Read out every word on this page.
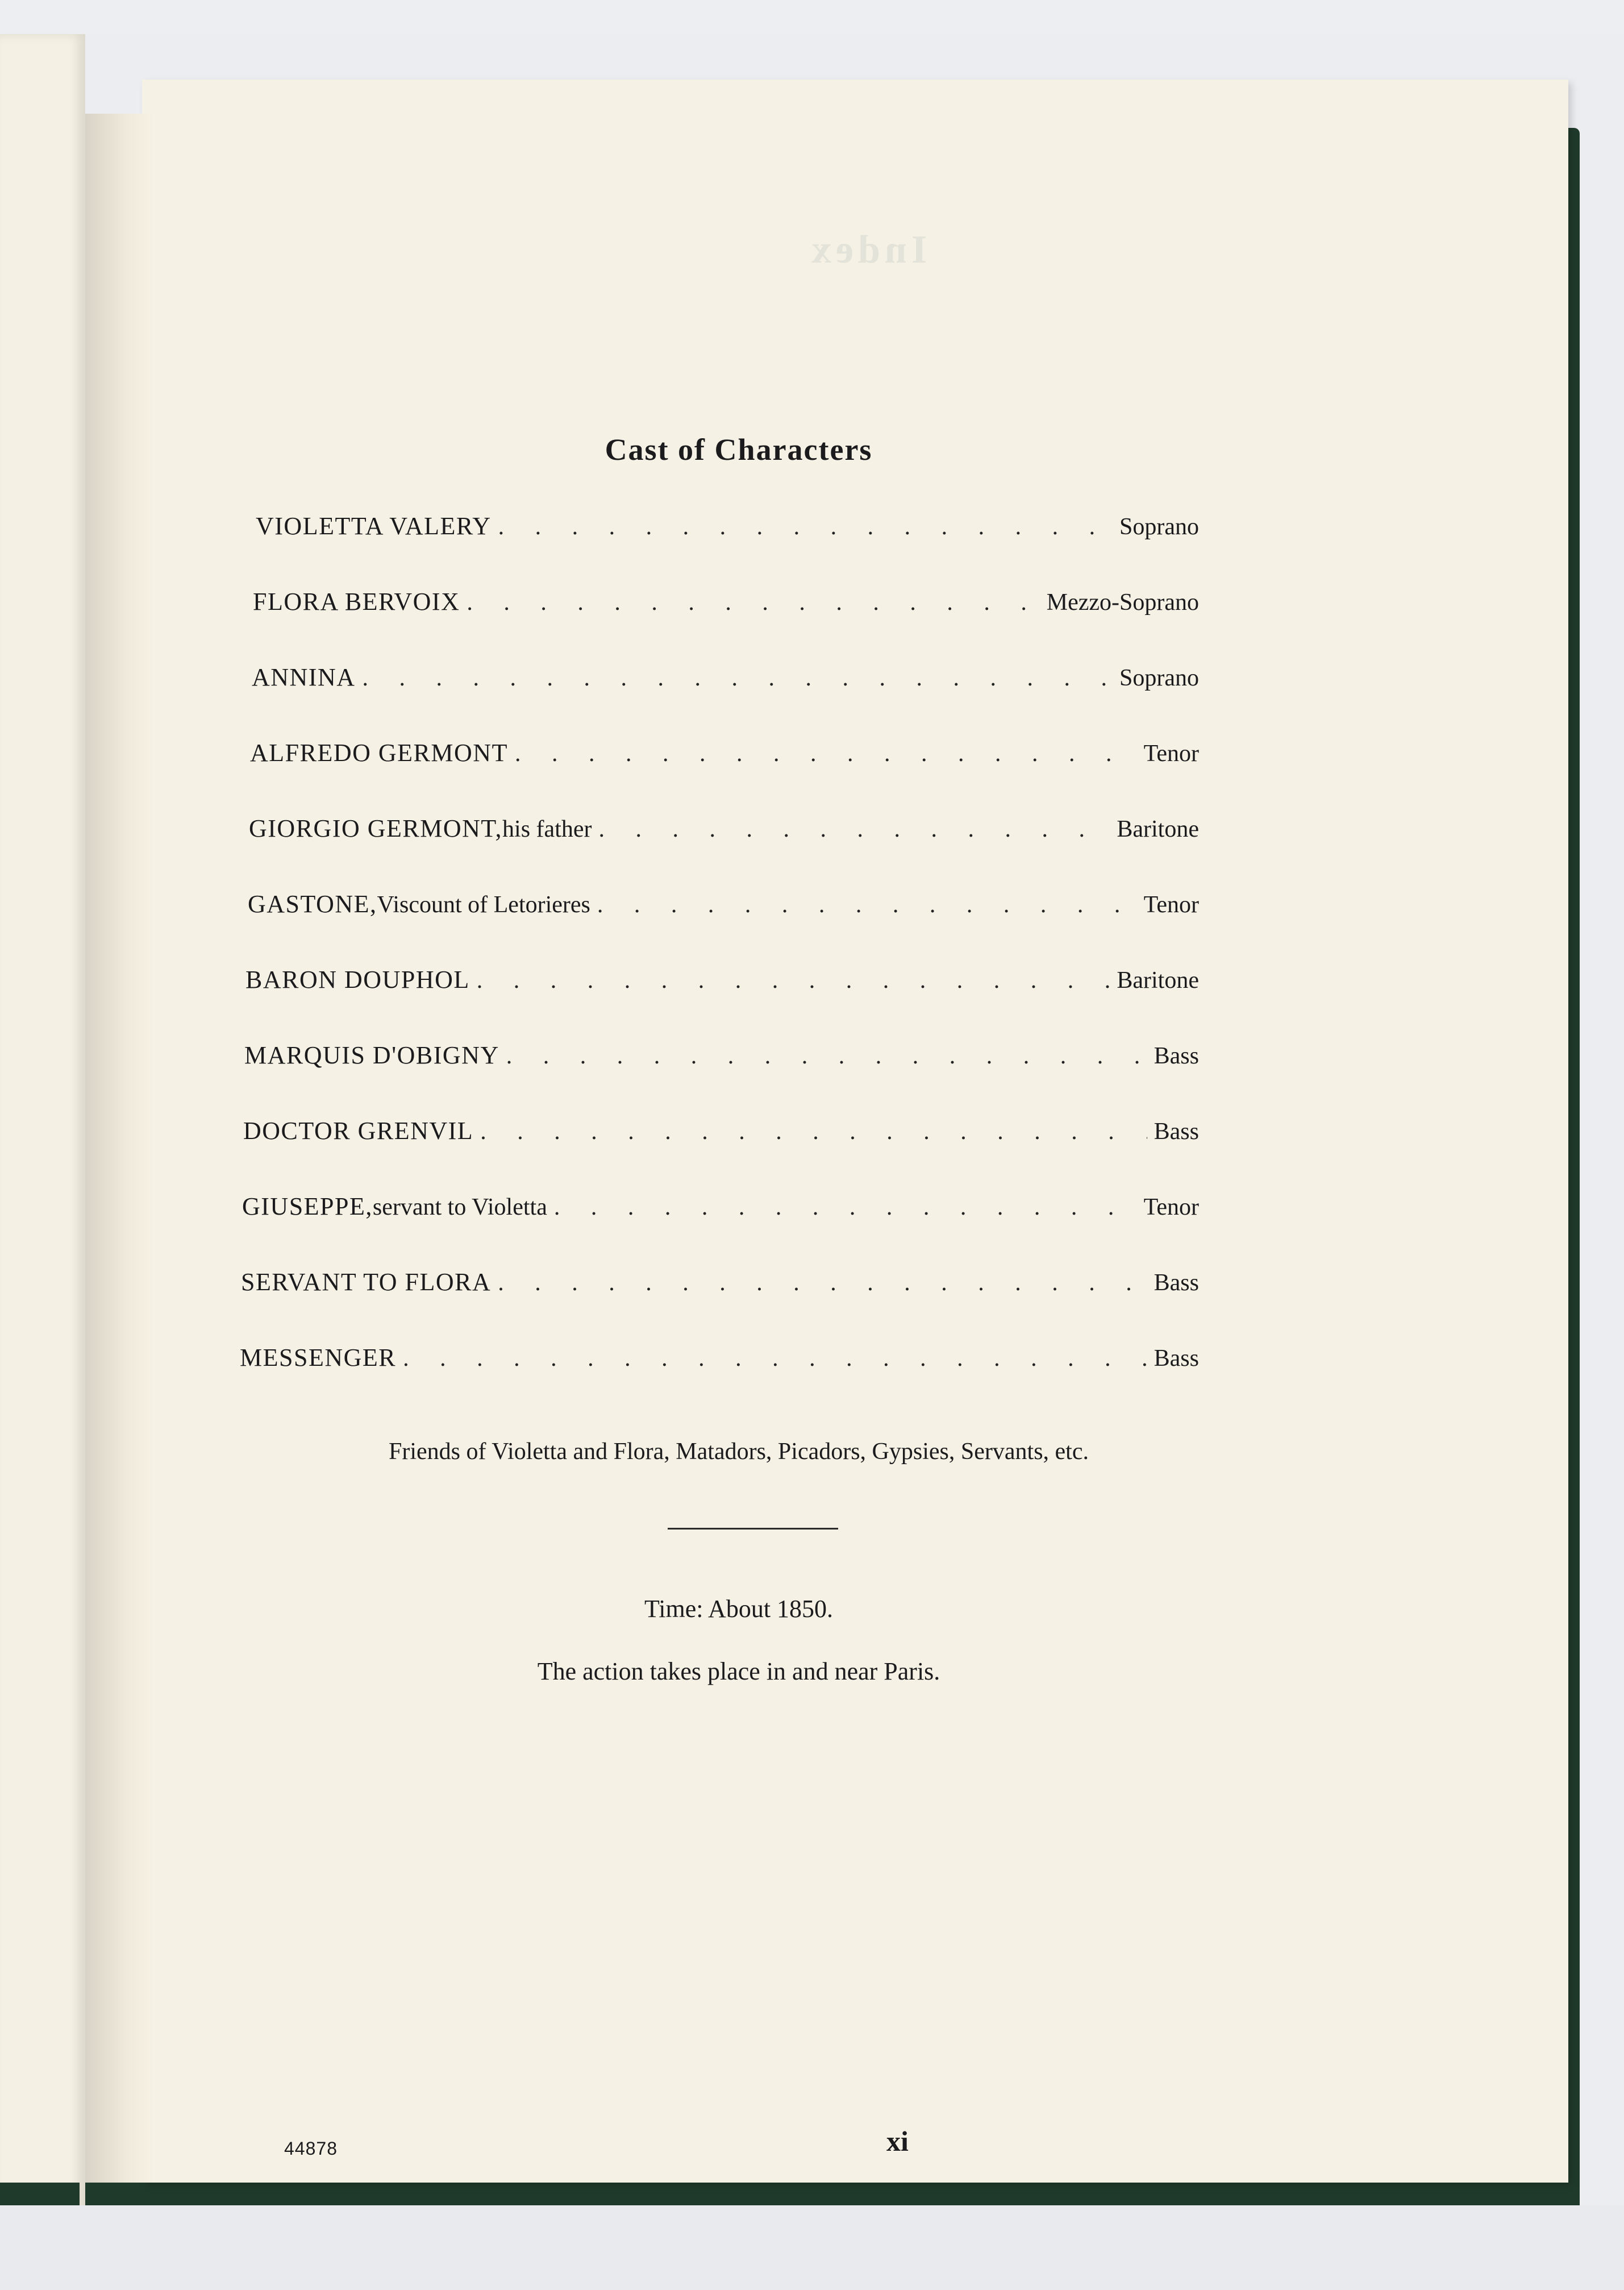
Index
Cast of Characters
VIOLETTA VALERY . . .	Soprano
FLORA BERVOIX . . .	Mezzo-Soprano
ANNINA . . .	Soprano
ALFREDO GERMONT . . .	Tenor
GIORGIO GERMONT, his father . . .	Baritone
GASTONE, Viscount of Letorieres . . .	Tenor
BARON DOUPHOL . . .	Baritone
MARQUIS D'OBIGNY . . .	Bass
DOCTOR GRENVIL . . .	Bass
GIUSEPPE, servant to Violetta . . .	Tenor
SERVANT TO FLORA . . .	Bass
MESSENGER . . .	Bass
Friends of Violetta and Flora, Matadors, Picadors, Gypsies, Servants, etc.
Time: About 1850.
The action takes place in and near Paris.
44878	xi
